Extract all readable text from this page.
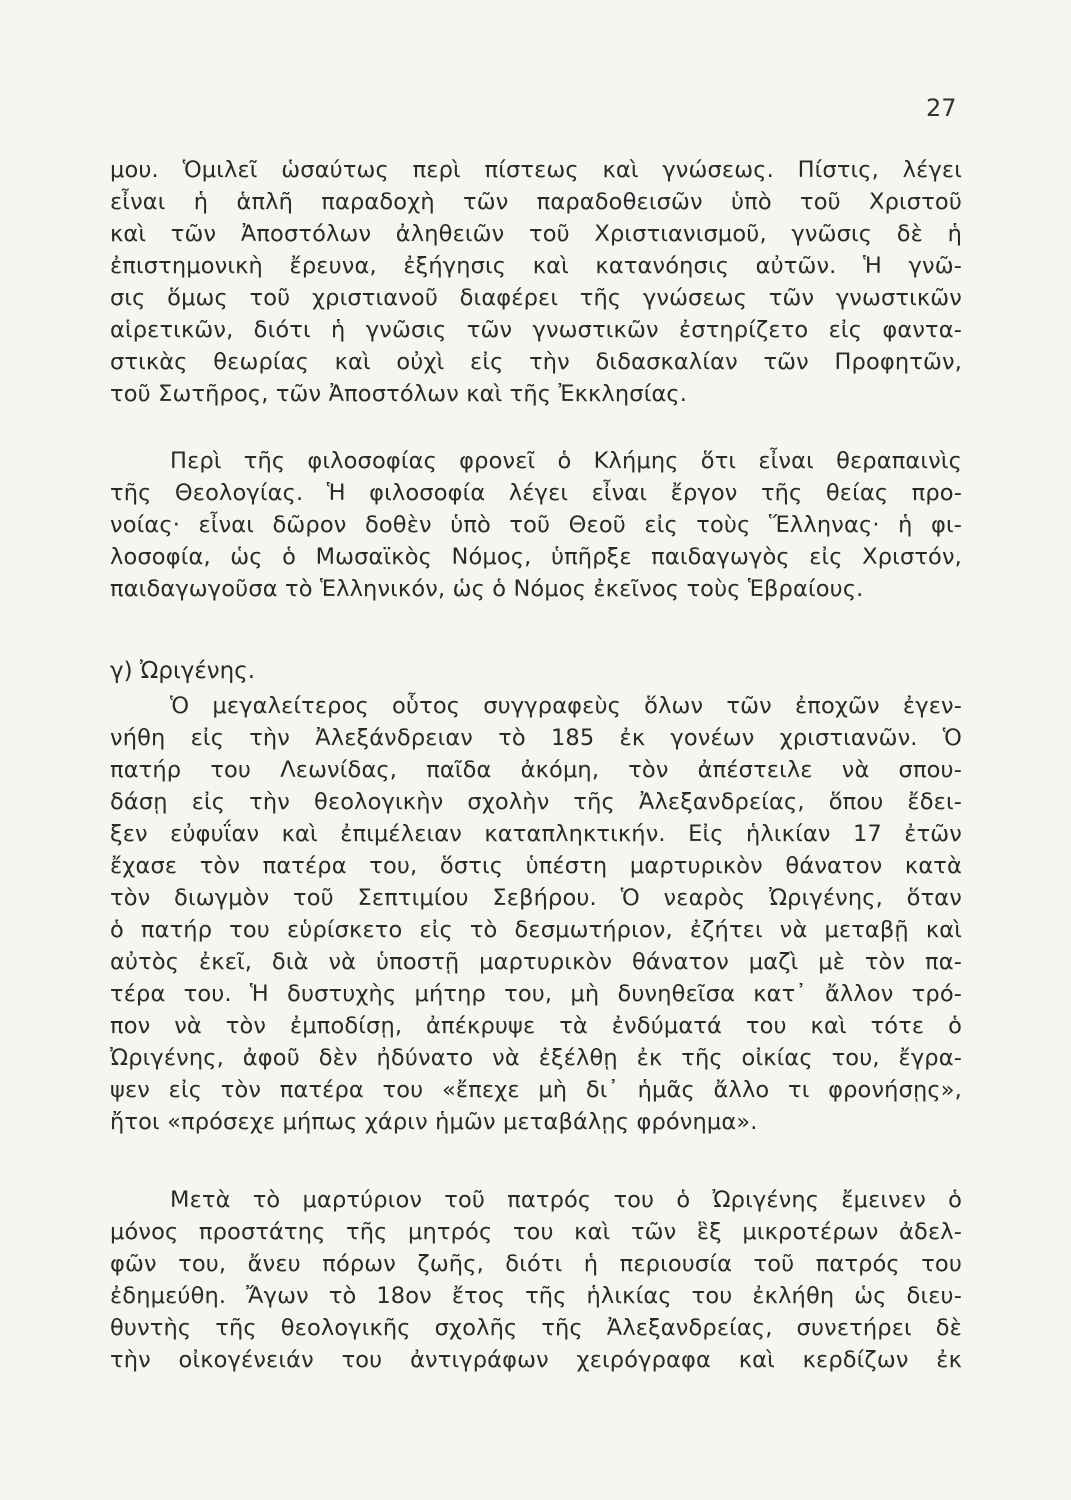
27
μου. Ὁμιλεῖ ὡσαύτως περὶ πίστεως καὶ γνώσεως. Πίστις, λέγει
εἶναι ἡ ἁπλῆ παραδοχὴ τῶν παραδοθεισῶν ὑπὸ τοῦ Χριστοῦ
καὶ τῶν Ἀποστόλων ἀληθειῶν τοῦ Χριστιανισμοῦ, γνῶσις δὲ ἡ
ἐπιστημονικὴ ἔρευνα, ἐξήγησις καὶ κατανόησις αὐτῶν. Ἡ γνῶ-
σις ὅμως τοῦ χριστιανοῦ διαφέρει τῆς γνώσεως τῶν γνωστικῶν
αἱρετικῶν, διότι ἡ γνῶσις τῶν γνωστικῶν ἐστηρίζετο εἰς φαντα-
στικὰς θεωρίας καὶ οὐχὶ εἰς τὴν διδασκαλίαν τῶν Προφητῶν,
τοῦ Σωτῆρος, τῶν Ἀποστόλων καὶ τῆς Ἐκκλησίας.
Περὶ τῆς φιλοσοφίας φρονεῖ ὁ Κλήμης ὅτι εἶναι θεραπαινὶς
τῆς Θεολογίας. Ἡ φιλοσοφία λέγει εἶναι ἔργον τῆς θείας προ-
νοίας· εἶναι δῶρον δοθὲν ὑπὸ τοῦ Θεοῦ εἰς τοὺς Ἕλληνας· ἡ φι-
λοσοφία, ὡς ὁ Μωσαϊκὸς Νόμος, ὑπῆρξε παιδαγωγὸς εἰς Χριστόν,
παιδαγωγοῦσα τὸ Ἑλληνικόν, ὡς ὁ Νόμος ἐκεῖνος τοὺς Ἑβραίους.
γ) Ὠριγένης.
Ὁ μεγαλείτερος οὗτος συγγραφεὺς ὅλων τῶν ἐποχῶν ἐγεν-
νήθη εἰς τὴν Ἀλεξάνδρειαν τὸ 185 ἐκ γονέων χριστιανῶν. Ὁ
πατήρ του Λεωνίδας, παῖδα ἀκόμη, τὸν ἀπέστειλε νὰ σπου-
δάσῃ εἰς τὴν θεολογικὴν σχολὴν τῆς Ἀλεξανδρείας, ὅπου ἔδει-
ξεν εὐφυΐαν καὶ ἐπιμέλειαν καταπληκτικήν. Εἰς ἡλικίαν 17 ἐτῶν
ἔχασε τὸν πατέρα του, ὅστις ὑπέστη μαρτυρικὸν θάνατον κατὰ
τὸν διωγμὸν τοῦ Σεπτιμίου Σεβήρου. Ὁ νεαρὸς Ὠριγένης, ὅταν
ὁ πατήρ του εὑρίσκετο εἰς τὸ δεσμωτήριον, ἐζήτει νὰ μεταβῇ καὶ
αὐτὸς ἐκεῖ, διὰ νὰ ὑποστῇ μαρτυρικὸν θάνατον μαζὶ μὲ τὸν πα-
τέρα του. Ἡ δυστυχὴς μήτηρ του, μὴ δυνηθεῖσα κατ᾿ ἄλλον τρό-
πον νὰ τὸν ἐμποδίσῃ, ἀπέκρυψε τὰ ἐνδύματά του καὶ τότε ὁ
Ὠριγένης, ἀφοῦ δὲν ἠδύνατο νὰ ἐξέλθῃ ἐκ τῆς οἰκίας του, ἔγρα-
ψεν εἰς τὸν πατέρα του «ἔπεχε μὴ δι᾿ ἡμᾶς ἄλλο τι φρονήσῃς»,
ἤτοι «πρόσεχε μήπως χάριν ἡμῶν μεταβάλῃς φρόνημα».
Μετὰ τὸ μαρτύριον τοῦ πατρός του ὁ Ὠριγένης ἔμεινεν ὁ
μόνος προστάτης τῆς μητρός του καὶ τῶν ἓξ μικροτέρων ἀδελ-
φῶν του, ἄνευ πόρων ζωῆς, διότι ἡ περιουσία τοῦ πατρός του
ἐδημεύθη. Ἄγων τὸ 18ον ἔτος τῆς ἡλικίας του ἐκλήθη ὡς διευ-
θυντὴς τῆς θεολογικῆς σχολῆς τῆς Ἀλεξανδρείας, συνετήρει δὲ
τὴν οἰκογένειάν του ἀντιγράφων χειρόγραφα καὶ κερδίζων ἐκ
